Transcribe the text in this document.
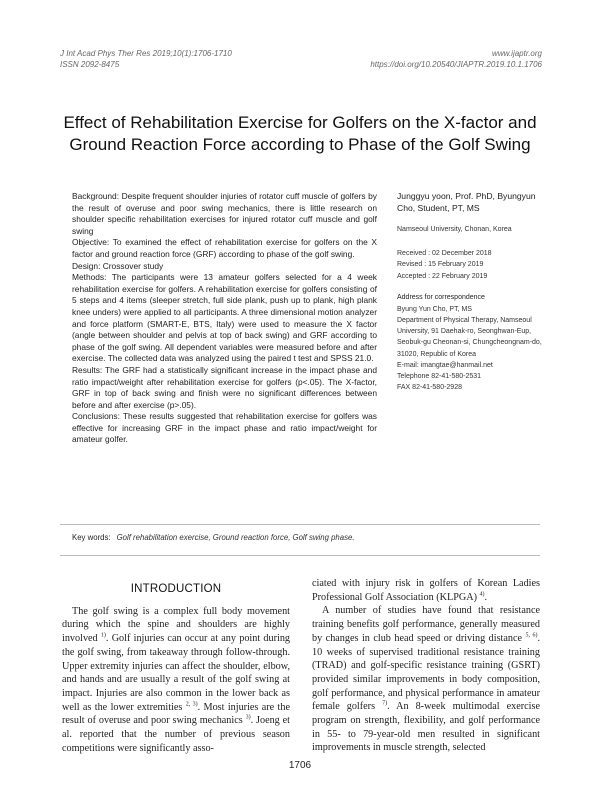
J Int Acad Phys Ther Res 2019;10(1):1706-1710
ISSN 2092-8475
www.ijaptr.org
https://doi.org/10.20540/JIAPTR.2019.10.1.1706
Effect of Rehabilitation Exercise for Golfers on the X-factor and Ground Reaction Force according to Phase of the Golf Swing

Background: Despite frequent shoulder injuries of rotator cuff muscle of golfers by the result of overuse and poor swing mechanics, there is little research on shoulder specific rehabilitation exercises for injured rotator cuff muscle and golf swing

Objective: To examined the effect of rehabilitation exercise for golfers on the X factor and ground reaction force (GRF) according to phase of the golf swing.

Design: Crossover study

Methods: The participants were 13 amateur golfers selected for a 4 week rehabilitation exercise for golfers. A rehabilitation exercise for golfers consisting of 5 steps and 4 items (sleeper stretch, full side plank, push up to plank, high plank knee unders) were applied to all participants. A three dimensional motion analyzer and force platform (SMART-E, BTS, Italy) were used to measure the X factor (angle between shoulder and pelvis at top of back swing) and GRF according to phase of the golf swing. All dependent variables were measured before and after exercise. The collected data was analyzed using the paired t test and SPSS 21.0.

Results: The GRF had a statistically significant increase in the impact phase and ratio impact/weight after rehabilitation exercise for golfers (p<.05). The X-factor, GRF in top of back swing and finish were no significant differences between before and after exercise (p>.05).

Conclusions: These results suggested that rehabilitation exercise for golfers was effective for increasing GRF in the impact phase and ratio impact/weight for amateur golfer.

Junggyu yoon, Prof. PhD, Byungyun Cho, Student, PT, MS

Namseoul University, Chonan, Korea

Received : 02 December 2018
Revised : 15 February 2019
Accepted : 22 February 2019

Address for correspondence

Byung Yun Cho, PT, MS

Department of Physical Therapy, Namseoul University, 91 Daehak-ro, Seonghwan-Eup, Seobuk-gu Cheonan-si, Chungcheongnam-do, 31020, Republic of Korea

E-mail: imangtae@hanmail.net

Telephone 82-41-580-2531

FAX 82-41-580-2928

Key words: Golf rehabilitation exercise, Ground reaction force, Golf swing phase.
INTRODUCTION

The golf swing is a complex full body movement during which the spine and shoulders are highly involved $^{1)}$. Golf injuries can occur at any point during the golf swing, from takeaway through follow-through. Upper extremity injuries can affect the shoulder, elbow, and hands and are usually a result of the golf swing at impact. Injuries are also common in the lower back as well as the lower extremities $^{2, 3)}$. Most injuries are the result of overuse and poor swing mechanics $^{3)}$. Joeng et al. reported that the number of previous season competitions were significantly asso-

ciated with injury risk in golfers of Korean Ladies Professional Golf Association (KLPGA) $^{4)}$.

A number of studies have found that resistance training benefits golf performance, generally measured by changes in club head speed or driving distance $^{5, 6)}$. 10 weeks of supervised traditional resistance training (TRAD) and golf-specific resistance training (GSRT) provided similar improvements in body composition, golf performance, and physical performance in amateur female golfers $^{7)}$. An 8-week multimodal exercise program on strength, flexibility, and golf performance in 55- to 79-year-old men resulted in significant improvements in muscle strength, selected

1706
